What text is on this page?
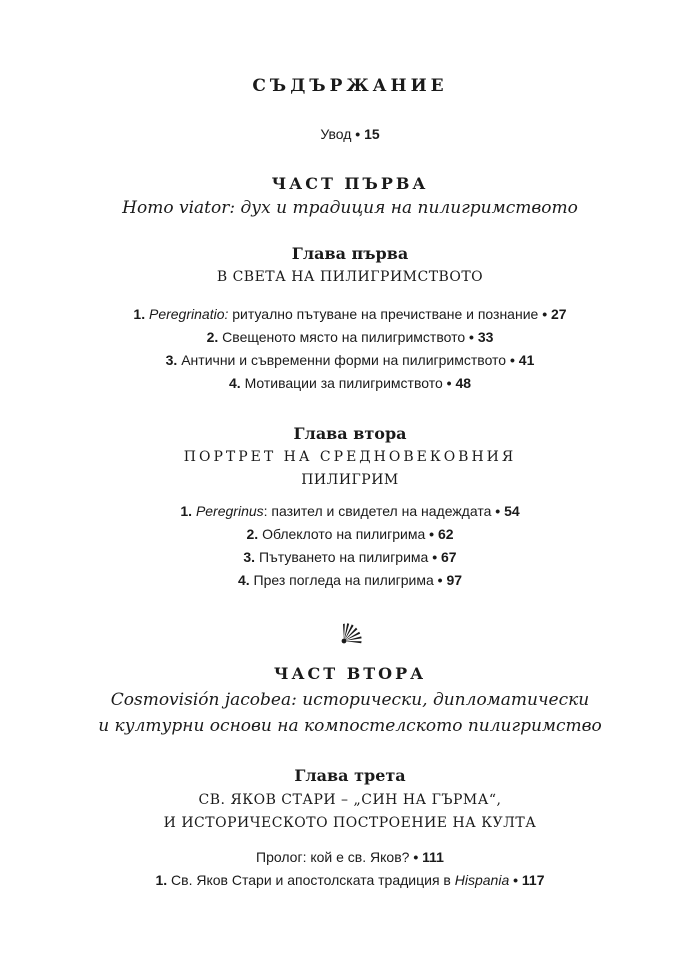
СЪДЪРЖАНИЕ
Увод • 15
ЧАСТ ПЪРВА
Homo viator: дух и традиция на пилигримството
Глава първа
В СВЕТА НА ПИЛИГРИМСТВОТО
1. Peregrinatio: ритуално пътуване на пречистване и познание • 27
2. Свещеното място на пилигримството • 33
3. Антични и съвременни форми на пилигримството • 41
4. Мотивации за пилигримството • 48
Глава втора
ПОРТРЕТ НА СРЕДНОВЕКОВНИЯ
ПИЛИГРИМ
1. Peregrinus: пазител и свидетел на надеждата • 54
2. Облеклото на пилигрима • 62
3. Пътуването на пилигрима • 67
4. През погледа на пилигрима • 97
ЧАСТ ВТОРА
Cosmovisión jacobea: исторически, дипломатически
и културни основи на компостелското пилигримство
Глава трета
СВ. ЯКОВ СТАРИ – „СИН НА ГЪРМА“,
И ИСТОРИЧЕСКОТО ПОСТРОЕНИЕ НА КУЛТА
Пролог: кой е св. Яков? • 111
1. Св. Яков Стари и апостолската традиция в Hispania • 117
